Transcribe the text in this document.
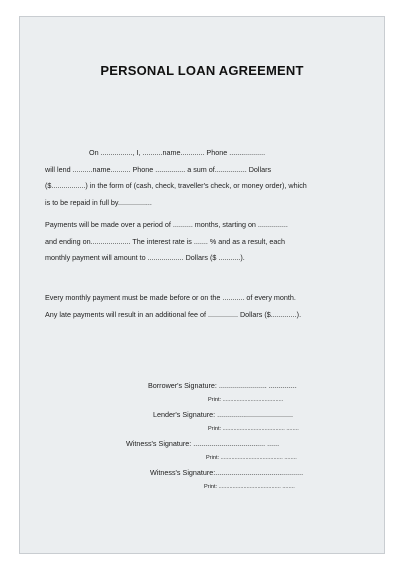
PERSONAL LOAN AGREEMENT
On ................, I, ..........name............ Phone ..................
will lend ..........name.......... Phone ............... a sum of................ Dollars
($.................) in the form of (cash, check, traveller's check, or money order), which
is to be repaid in full by.................
Payments will be made over a period of .......... months, starting on ...............
and ending on.................... The interest rate is ....... % and as a result, each
monthly payment will amount to .................. Dollars ($ ...........).
Every monthly payment must be made before or on the ........... of every month.
Any late payments will result in an additional fee of ............... Dollars ($.............).
Borrower's Signature: ........................ ..............
Print: .......................................
Lender's Signature: ......................................
Print: ........................................ ........
Witness's Signature: .................................... ......
Print: ........................................ ........
Witness's Signature:............................................
Print: ........................................ ........
